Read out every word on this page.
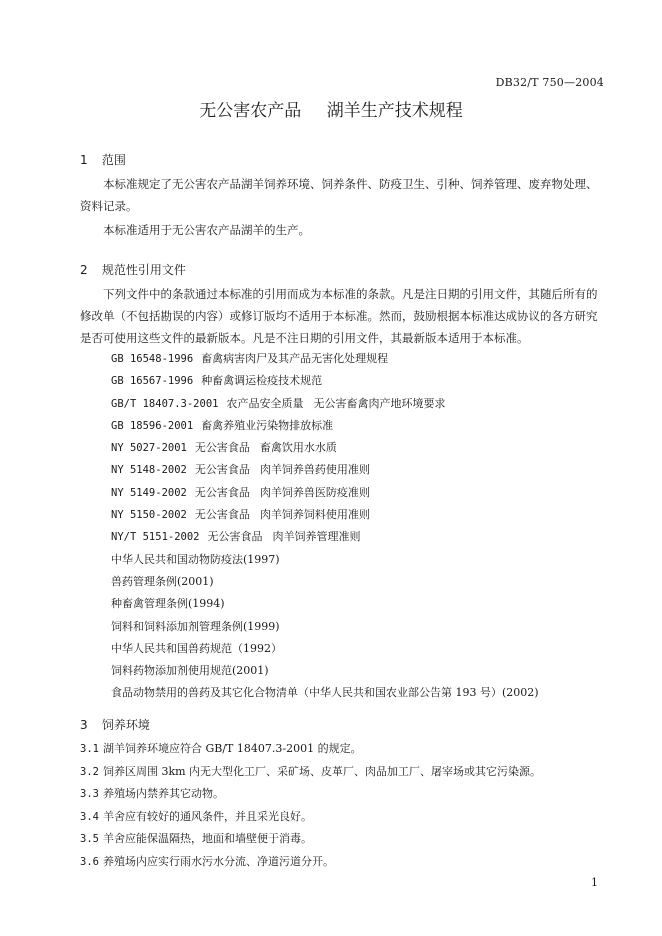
DB32/T 750—2004
无公害农产品 湖羊生产技术规程
1 范围
本标准规定了无公害农产品湖羊饲养环境、饲养条件、防疫卫生、引种、饲养管理、废弃物处理、资料记录。
本标准适用于无公害农产品湖羊的生产。
2 规范性引用文件
下列文件中的条款通过本标准的引用而成为本标准的条款。凡是注日期的引用文件，其随后所有的修改单（不包括勘误的内容）或修订版均不适用于本标准。然而，鼓励根据本标准达成协议的各方研究是否可使用这些文件的最新版本。凡是不注日期的引用文件，其最新版本适用于本标准。
GB 16548-1996 畜禽病害肉尸及其产品无害化处理规程
GB 16567-1996 种畜禽调运检疫技术规范
GB/T 18407.3-2001 农产品安全质量 无公害畜禽肉产地环境要求
GB 18596-2001 畜禽养殖业污染物排放标准
NY 5027-2001 无公害食品 畜禽饮用水水质
NY 5148-2002 无公害食品 肉羊饲养兽药使用准则
NY 5149-2002 无公害食品 肉羊饲养兽医防疫准则
NY 5150-2002 无公害食品 肉羊饲养饲料使用准则
NY/T 5151-2002 无公害食品 肉羊饲养管理准则
中华人民共和国动物防疫法(1997)
兽药管理条例(2001)
种畜禽管理条例(1994)
饲料和饲料添加剂管理条例(1999)
中华人民共和国兽药规范（1992）
饲料药物添加剂使用规范(2001)
食品动物禁用的兽药及其它化合物清单（中华人民共和国农业部公告第 193 号）(2002)
3 饲养环境
3.1 湖羊饲养环境应符合 GB/T 18407.3-2001 的规定。
3.2 饲养区周围 3km 内无大型化工厂、采矿场、皮革厂、肉品加工厂、屠宰场或其它污染源。
3.3 养殖场内禁养其它动物。
3.4 羊舍应有较好的通风条件，并且采光良好。
3.5 羊舍应能保温隔热，地面和墙壁便于消毒。
3.6 养殖场内应实行雨水污水分流、净道污道分开。
1
